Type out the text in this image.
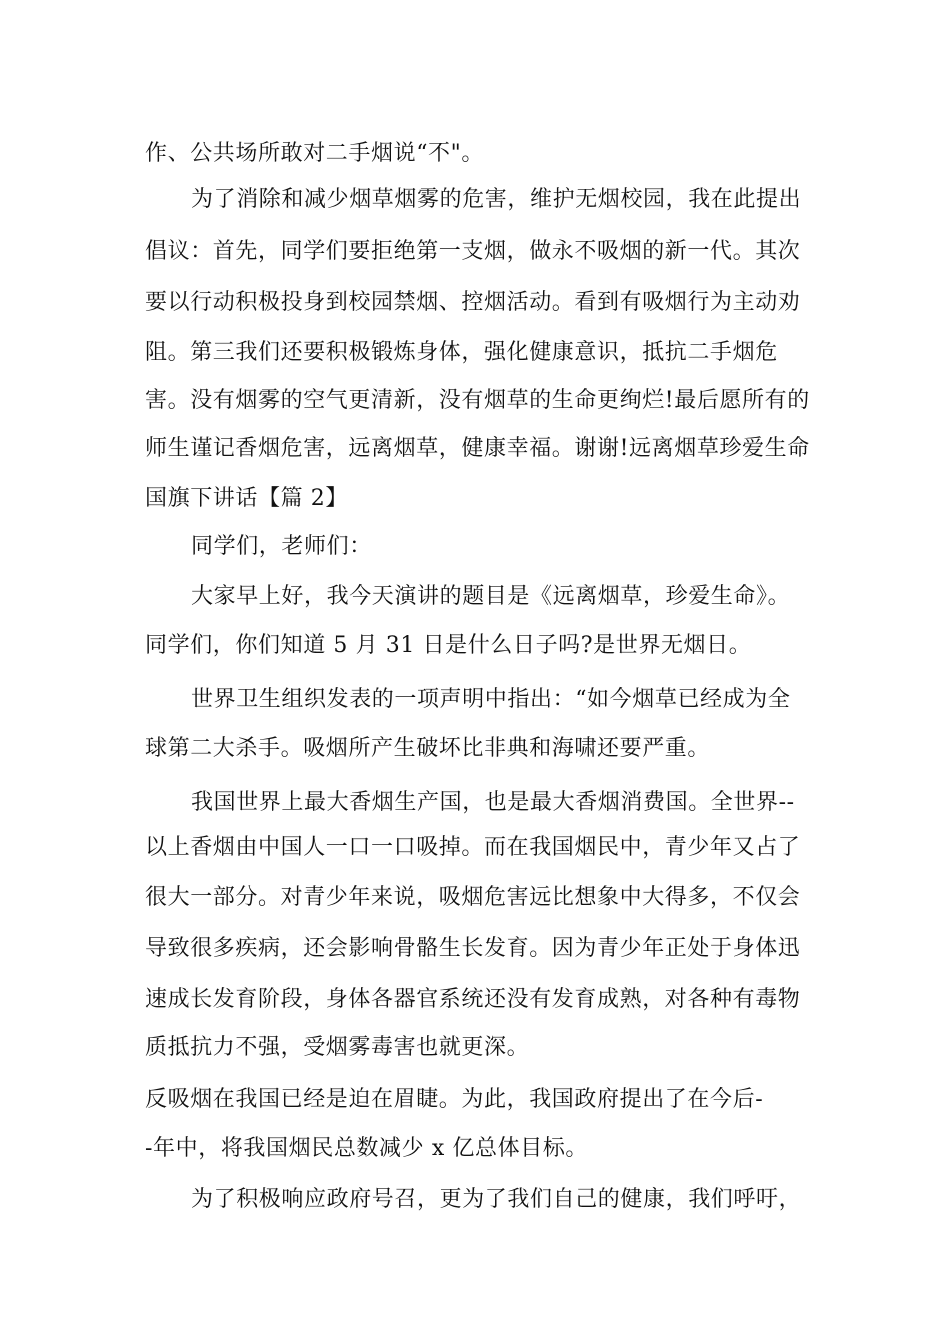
作、公共场所敢对二手烟说“不"。
为了消除和减少烟草烟雾的危害，维护无烟校园，我在此提出
倡议：首先，同学们要拒绝第一支烟，做永不吸烟的新一代。其次
要以行动积极投身到校园禁烟、控烟活动。看到有吸烟行为主动劝
阻。第三我们还要积极锻炼身体，强化健康意识，抵抗二手烟危
害。没有烟雾的空气更清新，没有烟草的生命更绚烂!最后愿所有的
师生谨记香烟危害，远离烟草，健康幸福。谢谢!远离烟草珍爱生命
国旗下讲话【篇 2】
同学们，老师们：
大家早上好，我今天演讲的题目是《远离烟草，珍爱生命》。
同学们，你们知道 5 月 31 日是什么日子吗?是世界无烟日。
世界卫生组织发表的一项声明中指出：“如今烟草已经成为全
球第二大杀手。吸烟所产生破坏比非典和海啸还要严重。
我国世界上最大香烟生产国，也是最大香烟消费国。全世界--
以上香烟由中国人一口一口吸掉。而在我国烟民中，青少年又占了
很大一部分。对青少年来说，吸烟危害远比想象中大得多，不仅会
导致很多疾病，还会影响骨骼生长发育。因为青少年正处于身体迅
速成长发育阶段，身体各器官系统还没有发育成熟，对各种有毒物
质抵抗力不强，受烟雾毒害也就更深。
反吸烟在我国已经是迫在眉睫。为此，我国政府提出了在今后-
-年中，将我国烟民总数减少 x 亿总体目标。
为了积极响应政府号召，更为了我们自己的健康，我们呼吁，
